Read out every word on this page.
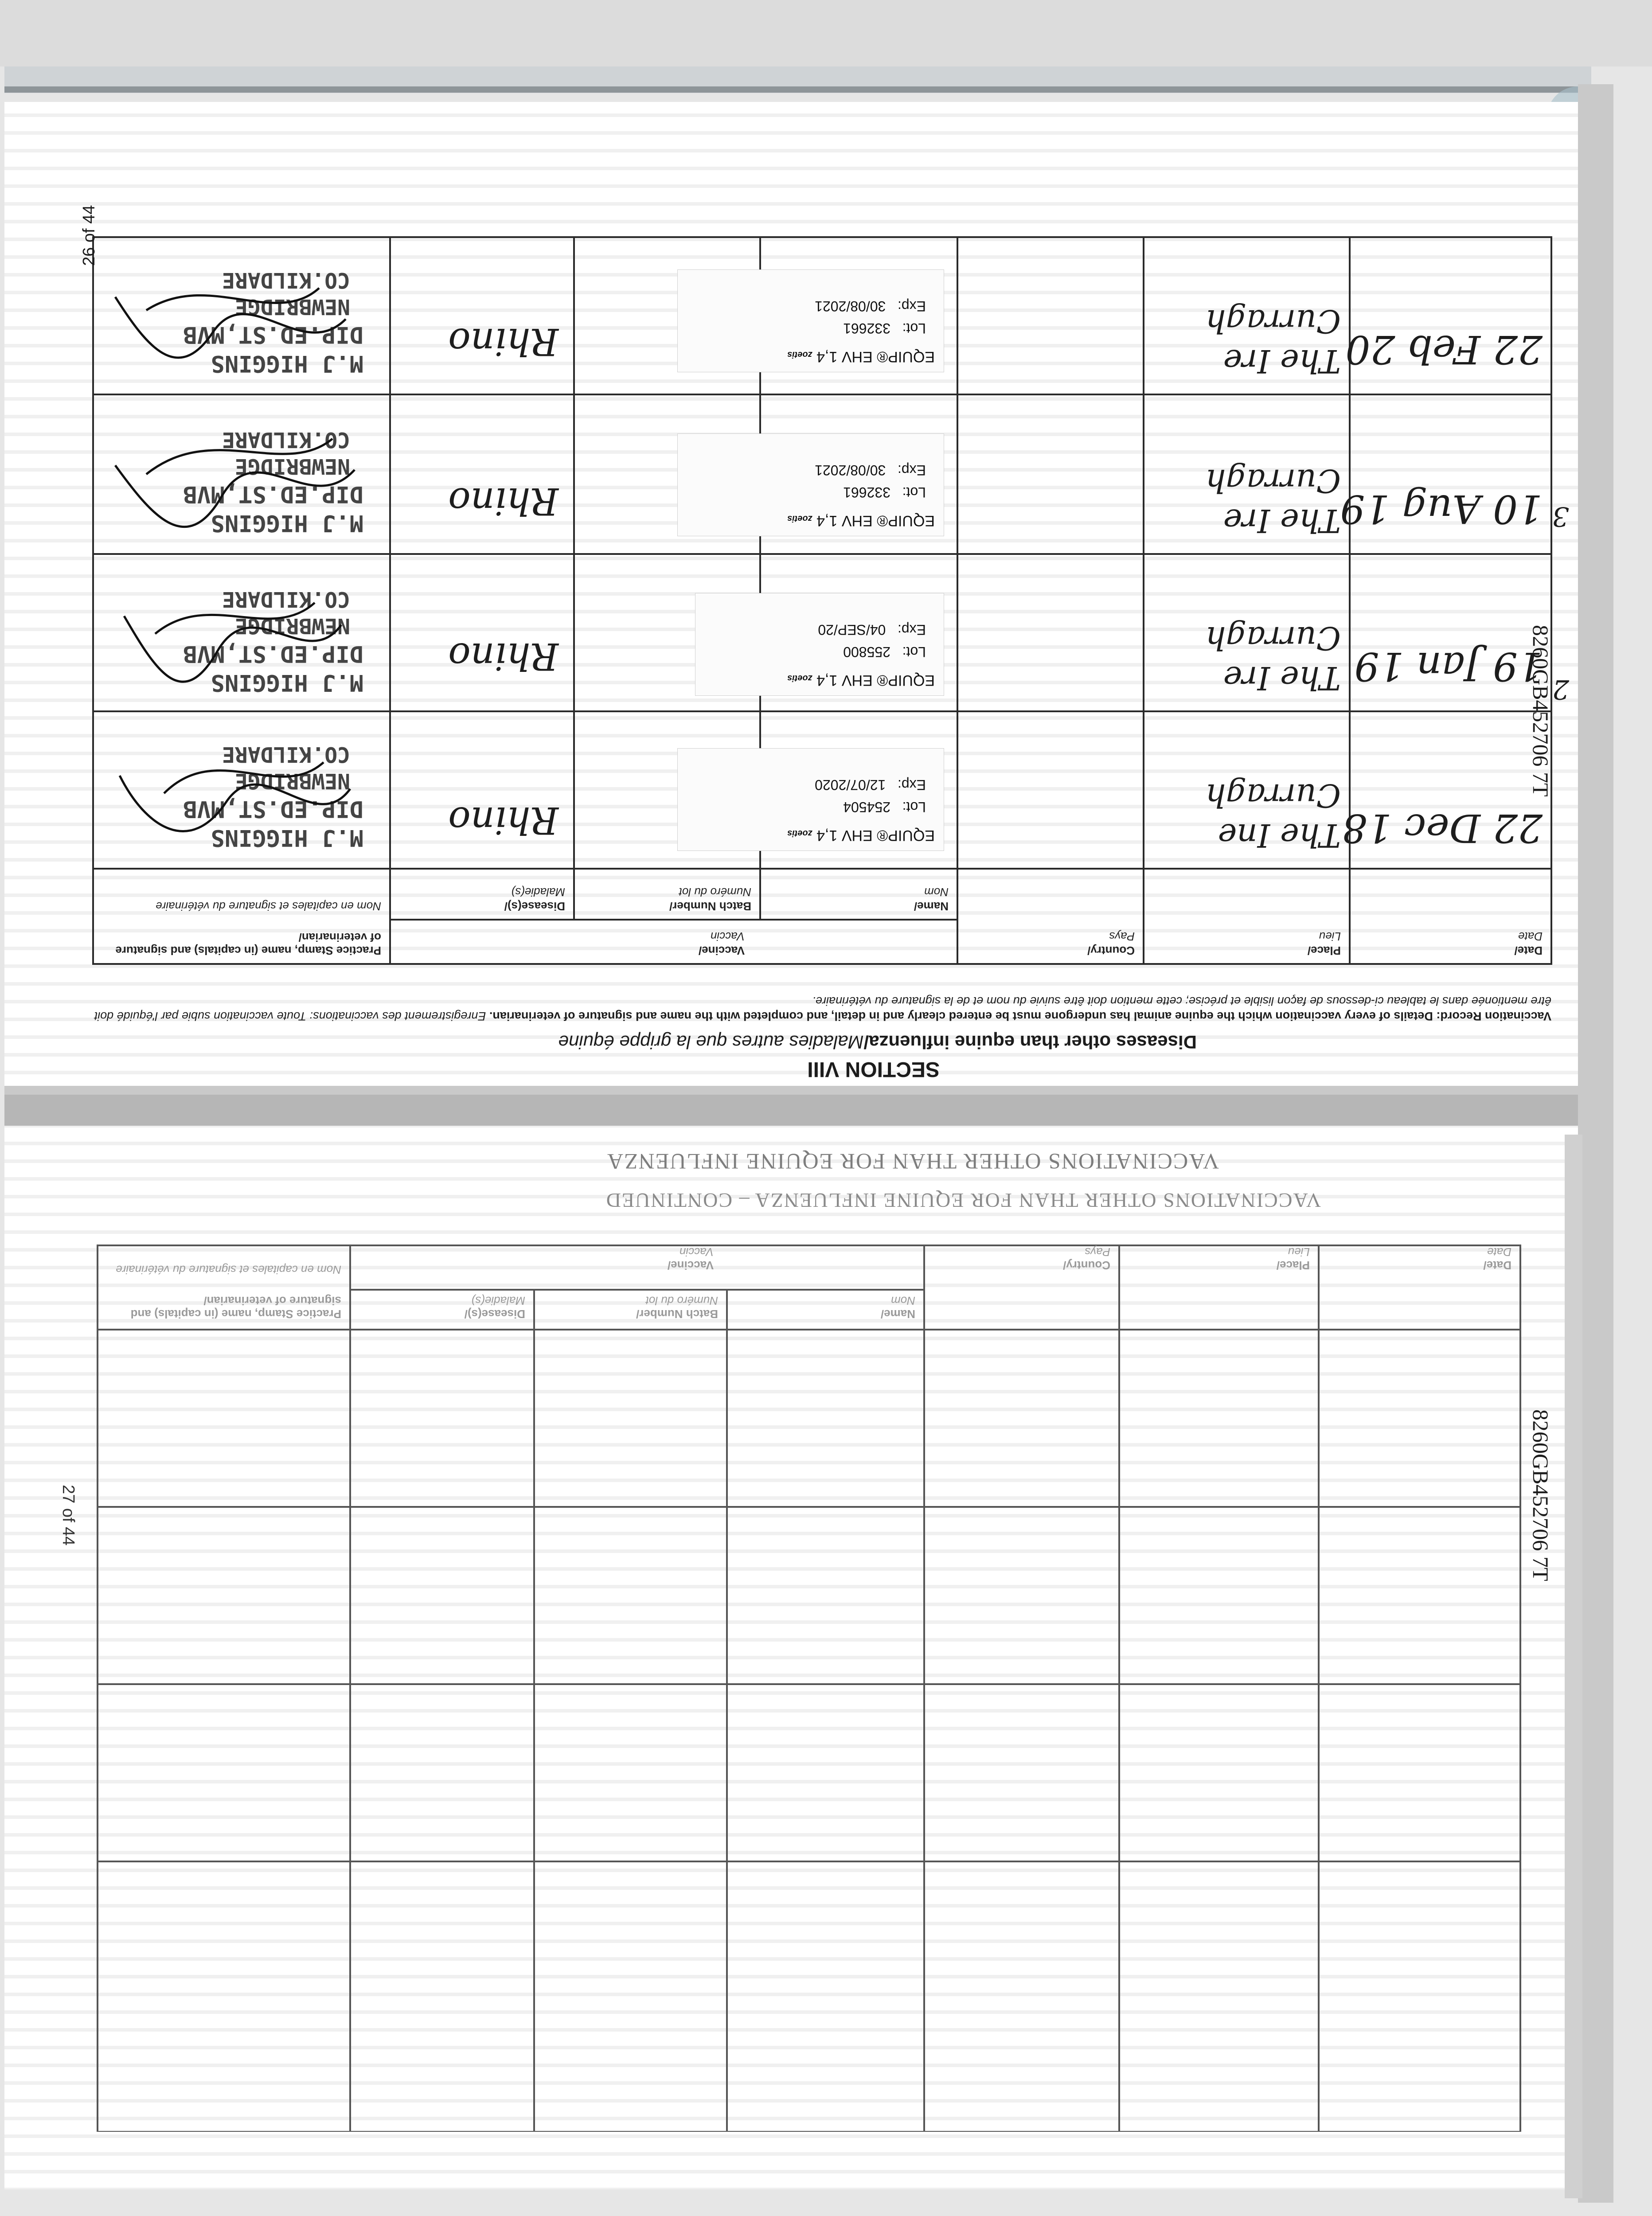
SECTION VIII
Diseases other than equine influenza/Maladies autres que la grippe équine
Vaccination Record: Details of every vaccination which the equine animal has undergone must be entered clearly and in detail, and completed with the name and signature of veterinarian. Enregistrement des vaccinations: Toute vaccination subie par l'équidé doit être mentionée dans le tableau ci-dessous de façon lisible et précise; cette mention doit être suivie du nom et de la signature du vétérinaire.
Date/
Date
Place/
Lieu
Country/
Pays
Vaccine/
Vaccin
Name/
Nom
Batch Number/
Numéro du lot
Disease(s)/
Maladie(s)
Practice Stamp, name (in capitals) and signature of veterinarian/
Nom en capitales et signature du vétérinaire
22 Dec 18
The Ine Curragh
EQUIP® EHV 1,4 zoetis
Lot:   254504
Exp:   12/07/2020
Rhino
M.J HIGGINS
DIP.ED.ST,MVB
NEWBRIDGE
CO.KILDARE
2
19 Jan 19
The Ire Curragh
EQUIP® EHV 1,4 zoetis
Lot:   255800
Exp:   04/SEP/20
Rhino
M.J HIGGINS
DIP.ED.ST,MVB
NEWBRIDGE
CO.KILDARE
3
10 Aug 19
The Ire Curragh
EQUIP® EHV 1,4 zoetis
Lot:   332661
Exp:   30/08/2021
Rhino
M.J HIGGINS
DIP.ED.ST,MVB
NEWBRIDGE
CO.KILDARE
22 Feb 20
The Ire Curragh
EQUIP® EHV 1,4 zoetis
Lot:   332661
Exp:   30/08/2021
Rhino
M.J HIGGINS
DIP.ED.ST,MVB
NEWBRIDGE
CO.KILDARE
26 of 44
8260GB452706 7T
VACCINATIONS OTHER THAN FOR EQUINE INFLUENZA
VACCINATIONS OTHER THAN FOR EQUINE INFLUENZA – CONTINUED
Date/
Date
Place/
Lieu
Country/
Pays
Vaccine/
Vaccin
Name/
Nom
Batch Number/
Numéro du lot
Disease(s)/
Maladie(s)
Practice Stamp, name (in capitals) and signature of veterinarian/
Nom en capitales et signature du vétérinaire
27 of 44	8260GB452706 7T
